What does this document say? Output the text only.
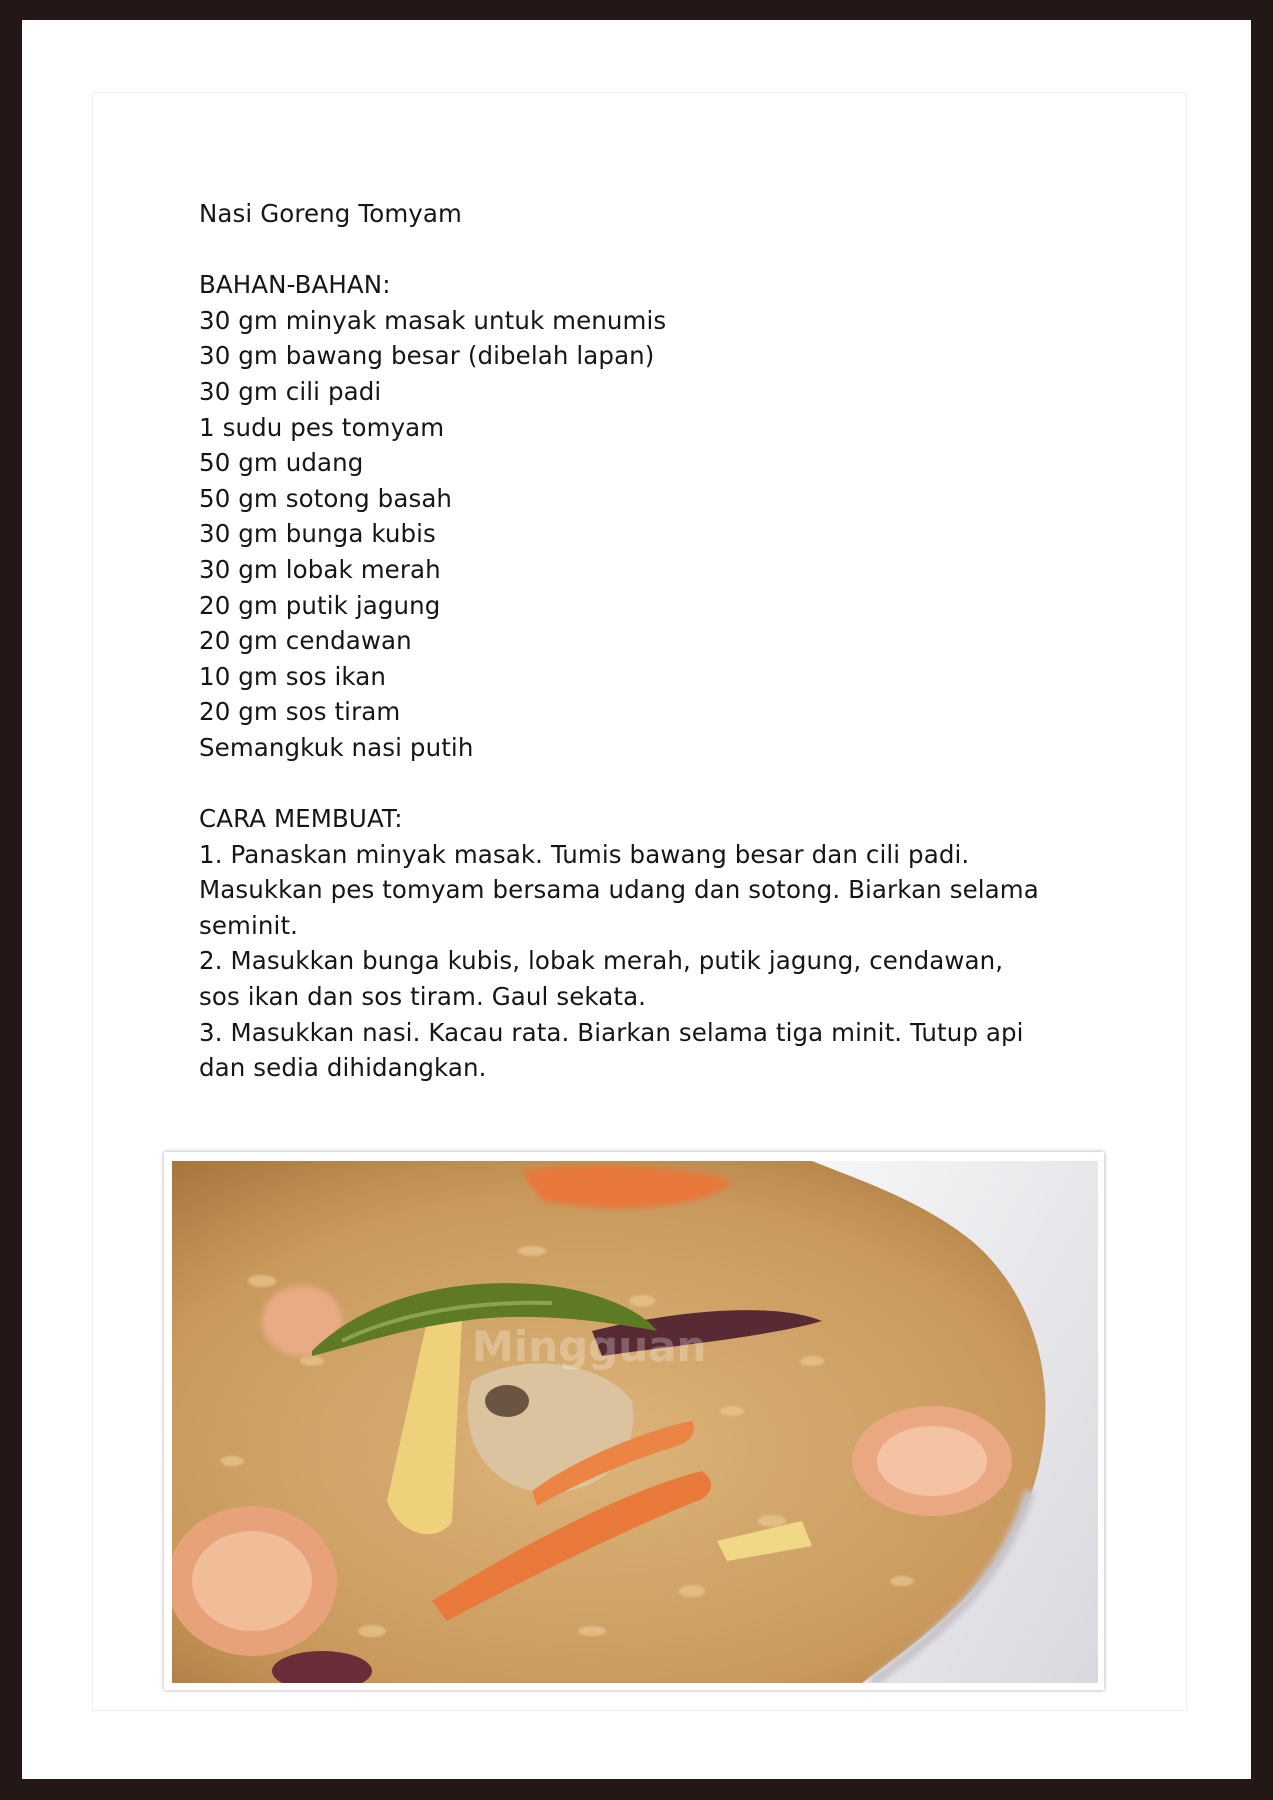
Nasi Goreng Tomyam

BAHAN-BAHAN:

30 gm minyak masak untuk menumis

30 gm bawang besar (dibelah lapan)

30 gm cili padi

1 sudu pes tomyam

50 gm udang

50 gm sotong basah

30 gm bunga kubis

30 gm lobak merah

20 gm putik jagung

20 gm cendawan

10 gm sos ikan

20 gm sos tiram

Semangkuk nasi putih

CARA MEMBUAT:

1. Panaskan minyak masak. Tumis bawang besar dan cili padi.

Masukkan pes tomyam bersama udang dan sotong. Biarkan selama

seminit.

2. Masukkan bunga kubis, lobak merah, putik jagung, cendawan,

sos ikan dan sos tiram. Gaul sekata.

3. Masukkan nasi. Kacau rata. Biarkan selama tiga minit. Tutup api

dan sedia dihidangkan.

Mingguan
